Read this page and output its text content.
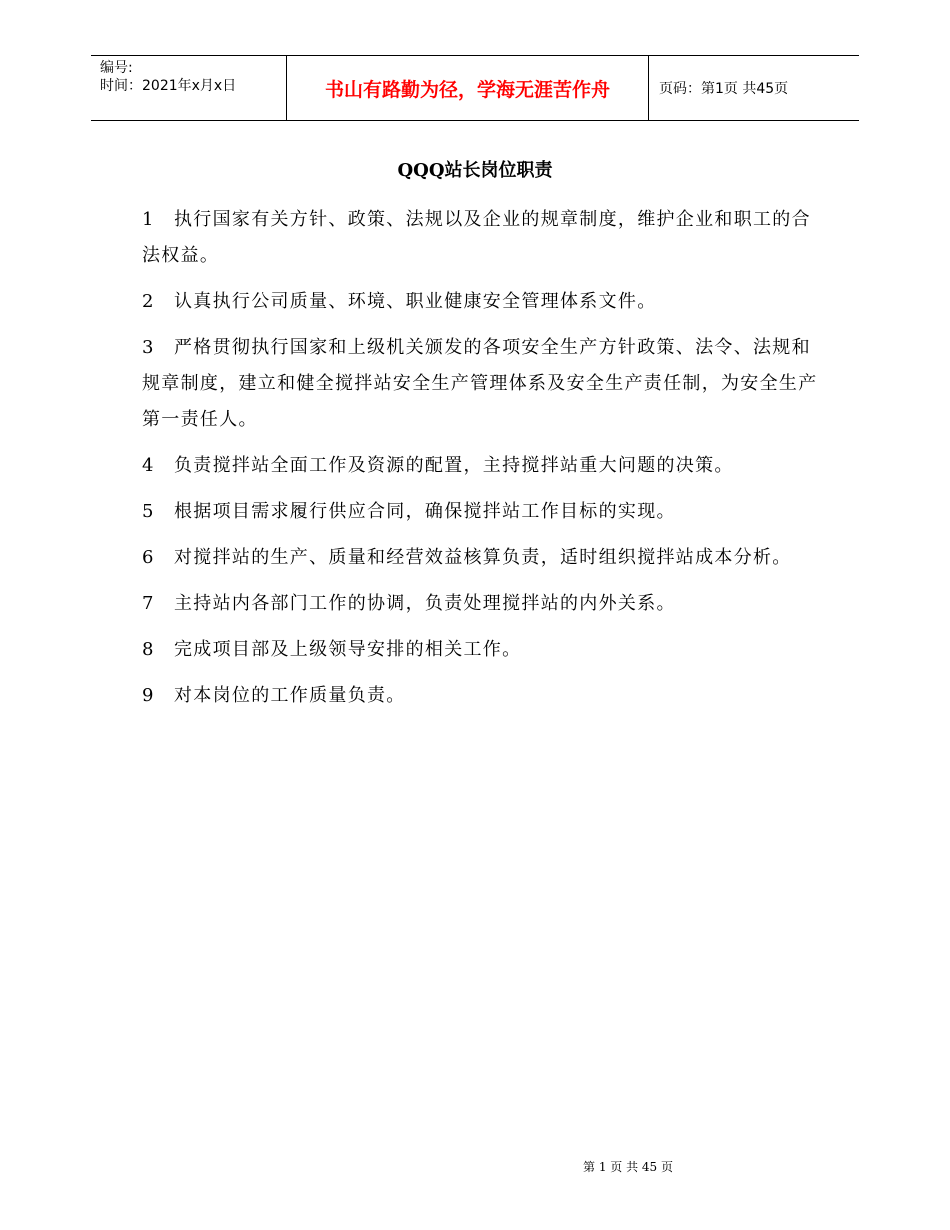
编号:
时间：2021年x月x日	书山有路勤为径，学海无涯苦作舟	页码：第1页 共45页
QQQ站长岗位职责

1 执行国家有关方针、政策、法规以及企业的规章制度，维护企业和职工的合法权益。

2 认真执行公司质量、环境、职业健康安全管理体系文件。

3 严格贯彻执行国家和上级机关颁发的各项安全生产方针政策、法令、法规和规章制度，建立和健全搅拌站安全生产管理体系及安全生产责任制，为安全生产第一责任人。

4 负责搅拌站全面工作及资源的配置，主持搅拌站重大问题的决策。

5 根据项目需求履行供应合同，确保搅拌站工作目标的实现。

6 对搅拌站的生产、质量和经营效益核算负责，适时组织搅拌站成本分析。

7 主持站内各部门工作的协调，负责处理搅拌站的内外关系。

8 完成项目部及上级领导安排的相关工作。

9 对本岗位的工作质量负责。

第 1 页 共 45 页
